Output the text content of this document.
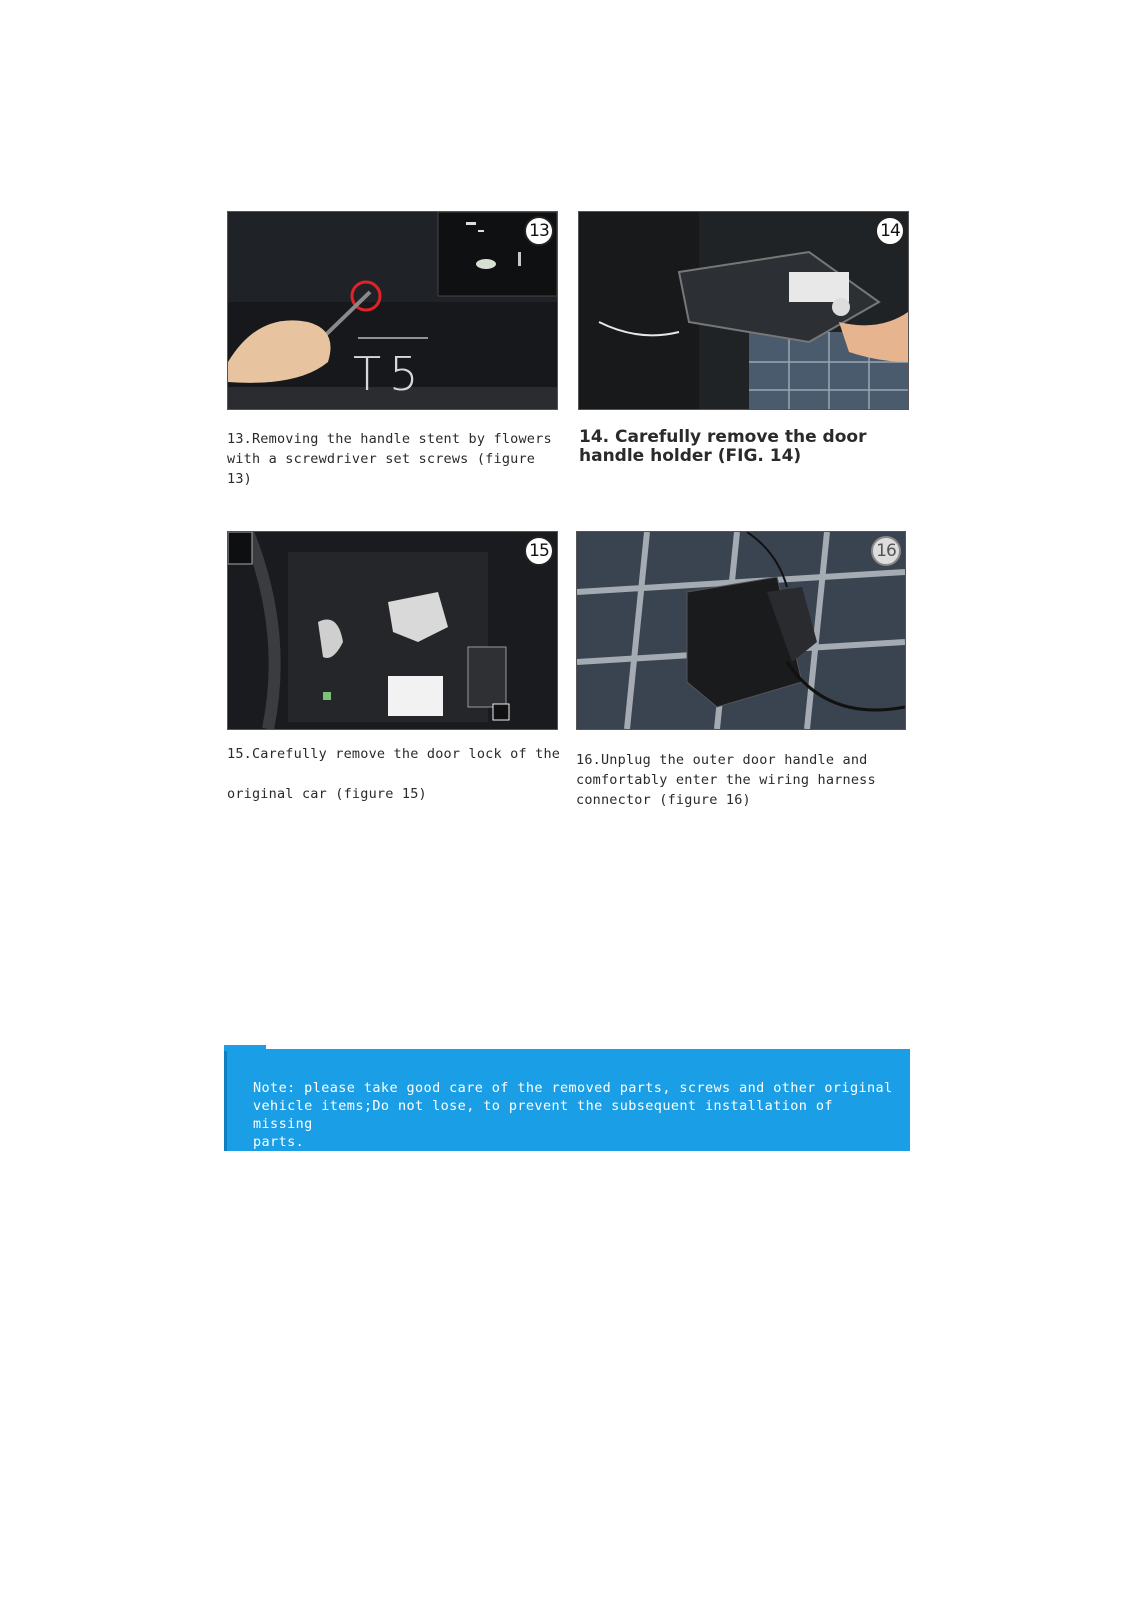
T5
13	14
15	16
13.Removing the handle stent by flowers
with a screwdriver set screws (figure 13)
14. Carefully remove the door
handle holder (FIG. 14)
15.Carefully remove the door lock of the
original car (figure 15)
16.Unplug the outer door handle and
comfortably enter the wiring harness
connector (figure 16)
Note: please take good care of the removed parts, screws and other original
vehicle items;Do not lose, to prevent the subsequent installation of missing
parts.
